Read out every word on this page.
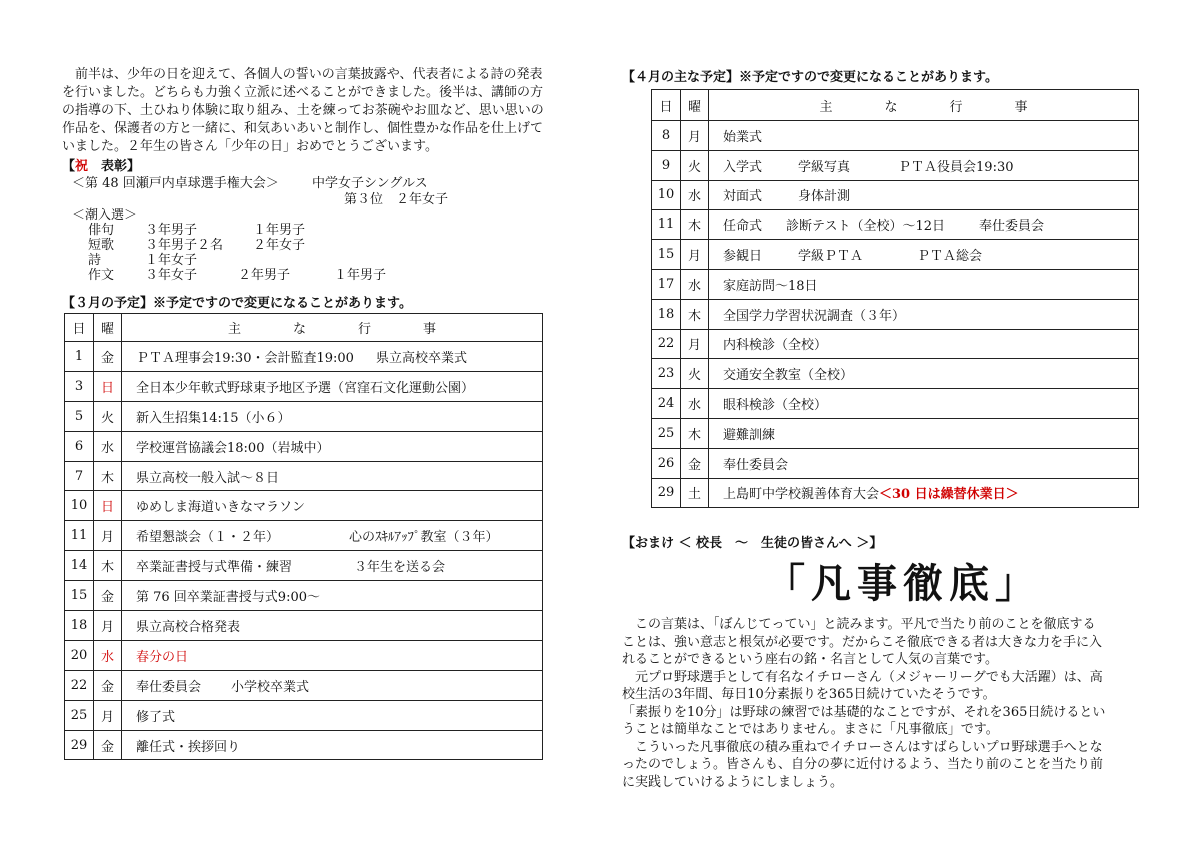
　前半は、少年の日を迎えて、各個人の誓いの言葉披露や、代表者による詩の発表
を行いました。どちらも力強く立派に述べることができました。後半は、講師の方
の指導の下、土ひねり体験に取り組み、土を練ってお茶碗やお皿など、思い思いの
作品を、保護者の方と一緒に、和気あいあいと制作し、個性豊かな作品を仕上げて
いました。２年生の皆さん「少年の日」おめでとうございます。
【祝　表彰】
＜第 48 回瀬戸内卓球選手権大会＞	中学女子シングルス
第３位　２年女子
＜潮入選＞
俳句 ３年男子	１年男子
短歌 ３年男子２名 ２年女子
詩	１年女子
作文 ３年女子	２年男子	１年男子
【３月の予定】※予定ですので変更になることがあります。
日	曜	主　　　　な　　　　行　　　　事
1	金	ＰＴＡ理事会19:30・会計監査19:00 県立高校卒業式
3	日	全日本少年軟式野球東予地区予選（宮窪石文化運動公園）
5	火	新入生招集14:15（小６）
6	水	学校運営協議会18:00（岩城中）
7	木	県立高校一般入試～８日
10	日	ゆめしま海道いきなマラソン
11	月	希望懇談会（１・２年） 心のｽｷﾙｱｯﾌﾟ教室（３年）
14	木	卒業証書授与式準備・練習 ３年生を送る会
15	金	第 76 回卒業証書授与式9:00～
18	月	県立高校合格発表
20	水	春分の日
22	金	奉仕委員会 小学校卒業式
25	月	修了式
29	金	離任式・挨拶回り
【４月の主な予定】※予定ですので変更になることがあります。
日	曜	主　　　　な　　　　行　　　　事
8	月	始業式
9	火	入学式 学級写真 ＰＴＡ役員会19:30
10	水	対面式 身体計測
11	木	任命式 診断テスト（全校）～12日 奉仕委員会
15	月	参観日 学級ＰＴＡ ＰＴＡ総会
17	水	家庭訪問～18日
18	木	全国学力学習状況調査（３年）
22	月	内科検診（全校）
23	火	交通安全教室（全校）
24	水	眼科検診（全校）
25	木	避難訓練
26	金	奉仕委員会
29	土	上島町中学校親善体育大会＜30 日は繰替休業日＞
【おまけ ＜ 校長　～　生徒の皆さんへ ＞】
「凡事徹底」
　この言葉は、「ぼんじてってい」と読みます。平凡で当たり前のことを徹底する
ことは、強い意志と根気が必要です。だからこそ徹底できる者は大きな力を手に入
れることができるという座右の銘・名言として人気の言葉です。
　元プロ野球選手として有名なイチローさん（メジャーリーグでも大活躍）は、高
校生活の3年間、毎日10分素振りを365日続けていたそうです。
「素振りを10分」は野球の練習では基礎的なことですが、それを365日続けるとい
うことは簡単なことではありません。まさに「凡事徹底」です。
　こういった凡事徹底の積み重ねでイチローさんはすばらしいプロ野球選手へとな
ったのでしょう。皆さんも、自分の夢に近付けるよう、当たり前のことを当たり前
に実践していけるようにしましょう。
